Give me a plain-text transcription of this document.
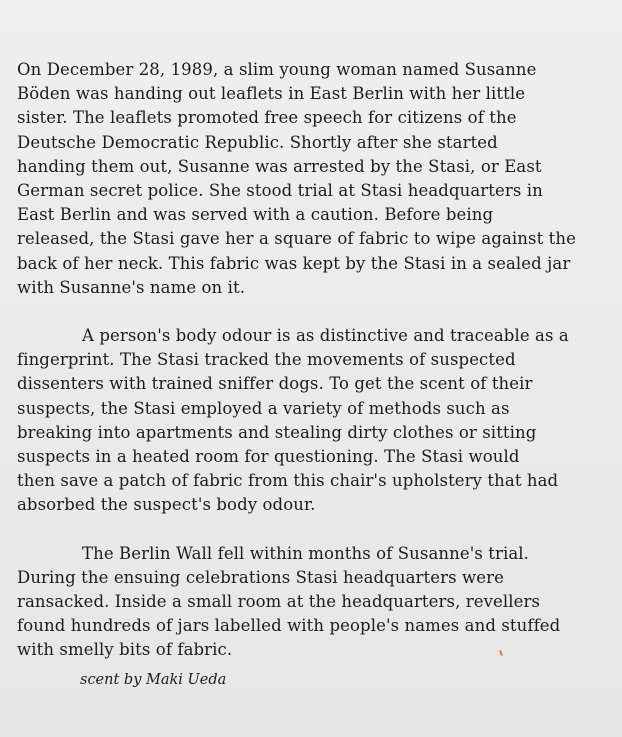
On December 28, 1989, a slim young woman named Susanne
Böden was handing out leaflets in East Berlin with her little
sister. The leaflets promoted free speech for citizens of the
Deutsche Democratic Republic. Shortly after she started
handing them out, Susanne was arrested by the Stasi, or East
German secret police. She stood trial at Stasi headquarters in
East Berlin and was served with a caution. Before being
released, the Stasi gave her a square of fabric to wipe against the
back of her neck. This fabric was kept by the Stasi in a sealed jar
with Susanne's name on it.
A person's body odour is as distinctive and traceable as a
fingerprint. The Stasi tracked the movements of suspected
dissenters with trained sniffer dogs. To get the scent of their
suspects, the Stasi employed a variety of methods such as
breaking into apartments and stealing dirty clothes or sitting
suspects in a heated room for questioning. The Stasi would
then save a patch of fabric from this chair's upholstery that had
absorbed the suspect's body odour.
The Berlin Wall fell within months of Susanne's trial.
During the ensuing celebrations Stasi headquarters were
ransacked. Inside a small room at the headquarters, revellers
found hundreds of jars labelled with people's names and stuffed
with smelly bits of fabric.
scent by Maki Ueda
